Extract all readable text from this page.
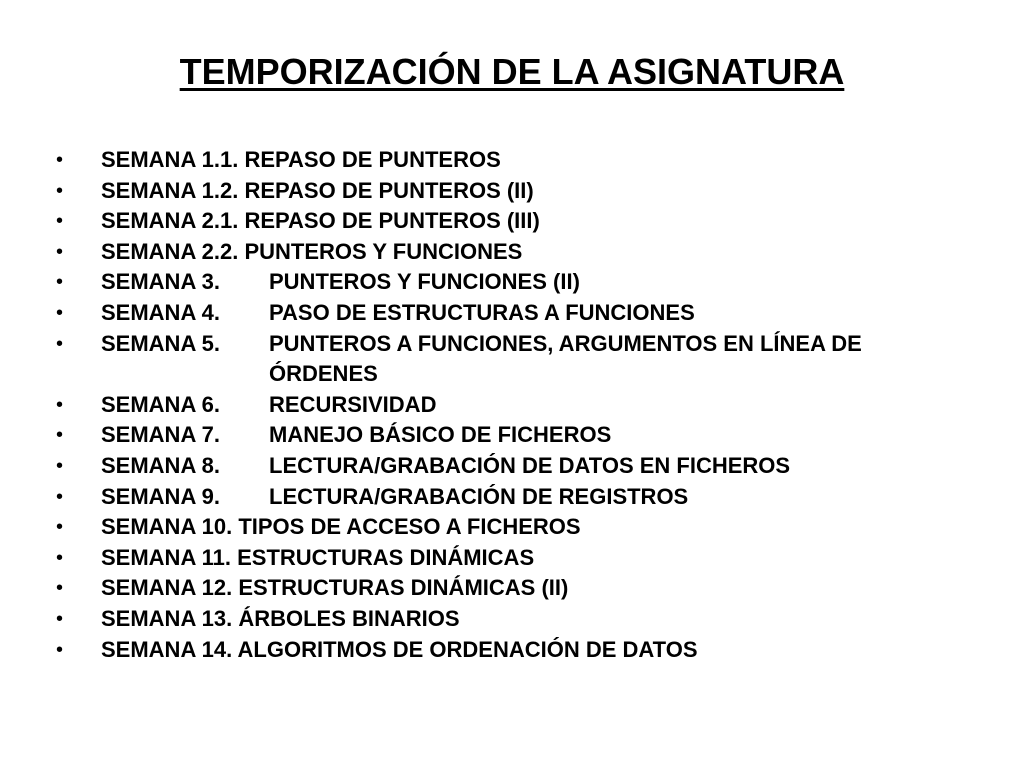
TEMPORIZACIÓN DE LA ASIGNATURA
•	SEMANA 1.1. REPASO DE PUNTEROS
•	SEMANA 1.2. REPASO DE PUNTEROS (II)
•	SEMANA 2.1. REPASO DE PUNTEROS (III)
•	SEMANA 2.2. PUNTEROS Y FUNCIONES
•	SEMANA 3.	PUNTEROS Y FUNCIONES (II)
•	SEMANA 4.	PASO DE ESTRUCTURAS A FUNCIONES
•	SEMANA 5.	PUNTEROS A FUNCIONES, ARGUMENTOS EN LÍNEA DE ÓRDENES
•	SEMANA 6.	RECURSIVIDAD
•	SEMANA 7.	MANEJO BÁSICO DE FICHEROS
•	SEMANA 8.	LECTURA/GRABACIÓN DE DATOS EN FICHEROS
•	SEMANA 9.	LECTURA/GRABACIÓN DE REGISTROS
•	SEMANA 10. TIPOS DE ACCESO A FICHEROS
•	SEMANA 11. ESTRUCTURAS DINÁMICAS
•	SEMANA 12. ESTRUCTURAS DINÁMICAS (II)
•	SEMANA 13. ÁRBOLES BINARIOS
•	SEMANA 14. ALGORITMOS DE ORDENACIÓN DE DATOS
